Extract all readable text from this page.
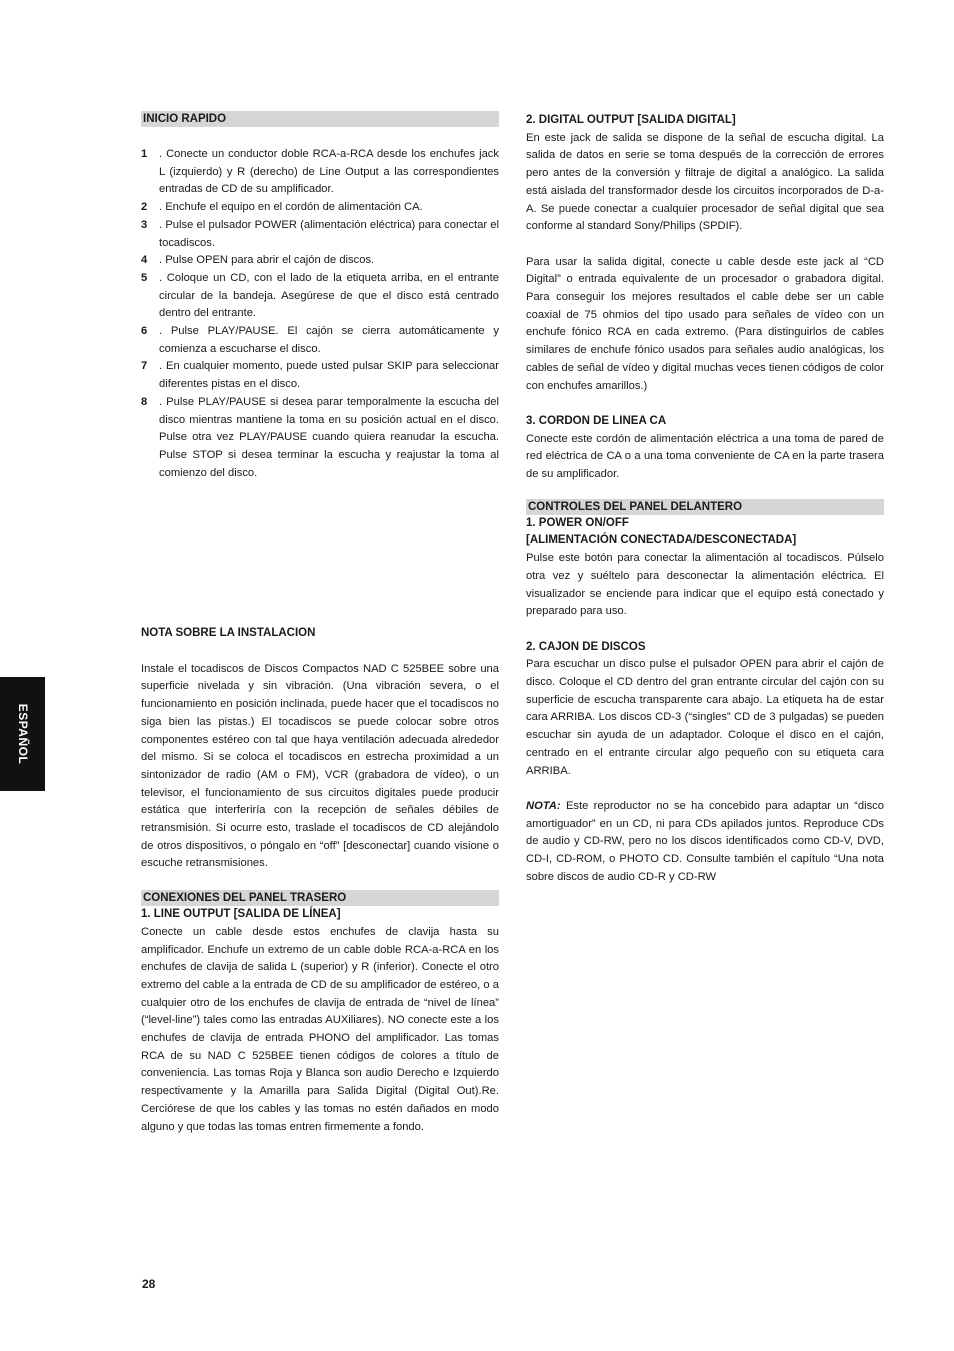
INICIO RAPIDO
1 . Conecte un conductor doble RCA-a-RCA desde los enchufes jack L (izquierdo) y R (derecho) de Line Output a las correspondientes entradas de CD de su amplificador.
2 . Enchufe el equipo en el cordón de alimentación CA.
3 . Pulse el pulsador POWER (alimentación eléctrica) para conectar el tocadiscos.
4 . Pulse OPEN para abrir el cajón de discos.
5 . Coloque un CD, con el lado de la etiqueta arriba, en el entrante circular de la bandeja. Asegúrese de que el disco está centrado dentro del entrante.
6 . Pulse PLAY/PAUSE. El cajón se cierra automáticamente y comienza a escucharse el disco.
7 . En cualquier momento, puede usted pulsar SKIP para seleccionar diferentes pistas en el disco.
8 . Pulse PLAY/PAUSE si desea parar temporalmente la escucha del disco mientras mantiene la toma en su posición actual en el disco. Pulse otra vez PLAY/PAUSE cuando quiera reanudar la escucha. Pulse STOP si desea terminar la escucha y reajustar la toma al comienzo del disco.

NOTA SOBRE LA INSTALACION

Instale el tocadiscos de Discos Compactos NAD C 525BEE sobre una superficie nivelada y sin vibración. (Una vibración severa, o el funcionamiento en posición inclinada, puede hacer que el tocadiscos no siga bien las pistas.) El tocadiscos se puede colocar sobre otros componentes estéreo con tal que haya ventilación adecuada alrededor del mismo. Si se coloca el tocadiscos en estrecha proximidad a un sintonizador de radio (AM o FM), VCR (grabadora de vídeo), o un televisor, el funcionamiento de sus circuitos digitales puede producir estática que interferiría con la recepción de señales débiles de retransmisión. Si ocurre esto, traslade el tocadiscos de CD alejándolo de otros dispositivos, o póngalo en “off” [desconectar] cuando visione o escuche retransmisiones.

CONEXIONES DEL PANEL TRASERO

1. LINE OUTPUT [SALIDA DE LÍNEA]

Conecte un cable desde estos enchufes de clavija hasta su amplificador. Enchufe un extremo de un cable doble RCA-a-RCA en los enchufes de clavija de salida L (superior) y R (inferior). Conecte el otro extremo del cable a la entrada de CD de su amplificador de estéreo, o a cualquier otro de los enchufes de clavija de entrada de “nivel de línea” (“level-line”) tales como las entradas AUXiliares). NO conecte este a los enchufes de clavija de entrada PHONO del amplificador. Las tomas RCA de su NAD C 525BEE tienen códigos de colores a título de conveniencia. Las tomas Roja y Blanca son audio Derecho e Izquierdo respectivamente y la Amarilla para Salida Digital (Digital Out).Re. Cerciórese de que los cables y las tomas no estén dañados en modo alguno y que todas las tomas entren firmemente a fondo.

2. DIGITAL OUTPUT [SALIDA DIGITAL]

En este jack de salida se dispone de la señal de escucha digital. La salida de datos en serie se toma después de la corrección de errores pero antes de la conversión y filtraje de digital a analógico. La salida está aislada del transformador desde los circuitos incorporados de D-a-A. Se puede conectar a cualquier procesador de señal digital que sea conforme al standard Sony/Philips (SPDIF).

Para usar la salida digital, conecte u cable desde este jack al “CD Digital” o entrada equivalente de un procesador o grabadora digital. Para conseguir los mejores resultados el cable debe ser un cable coaxial de 75 ohmios del tipo usado para señales de vídeo con un enchufe fónico RCA en cada extremo. (Para distinguirlos de cables similares de enchufe fónico usados para señales audio analógicas, los cables de señal de vídeo y digital muchas veces tienen códigos de color con enchufes amarillos.)

3. CORDON DE LINEA CA

Conecte este cordón de alimentación eléctrica a una toma de pared de red eléctrica de CA o a una toma conveniente de CA en la parte trasera de su amplificador.

CONTROLES DEL PANEL DELANTERO

1. POWER ON/OFF

[ALIMENTACIÓN CONECTADA/DESCONECTADA]

Pulse este botón para conectar la alimentación al tocadiscos. Púlselo otra vez y suéltelo para desconectar la alimentación eléctrica. El visualizador se enciende para indicar que el equipo está conectado y preparado para uso.

2. CAJON DE DISCOS

Para escuchar un disco pulse el pulsador OPEN para abrir el cajón de disco. Coloque el CD dentro del gran entrante circular del cajón con su superficie de escucha transparente cara abajo. La etiqueta ha de estar cara ARRIBA. Los discos CD-3 (“singles” CD de 3 pulgadas) se pueden escuchar sin ayuda de un adaptador. Coloque el disco en el cajón, centrado en el entrante circular algo pequeño con su etiqueta cara ARRIBA.

NOTA: Este reproductor no se ha concebido para adaptar un “disco amortiguador” en un CD, ni para CDs apilados juntos. Reproduce CDs de audio y CD-RW, pero no los discos identificados como CD-V, DVD, CD-I, CD-ROM, o PHOTO CD. Consulte también el capítulo “Una nota sobre discos de audio CD-R y CD-RW

ESPAÑOL
28
